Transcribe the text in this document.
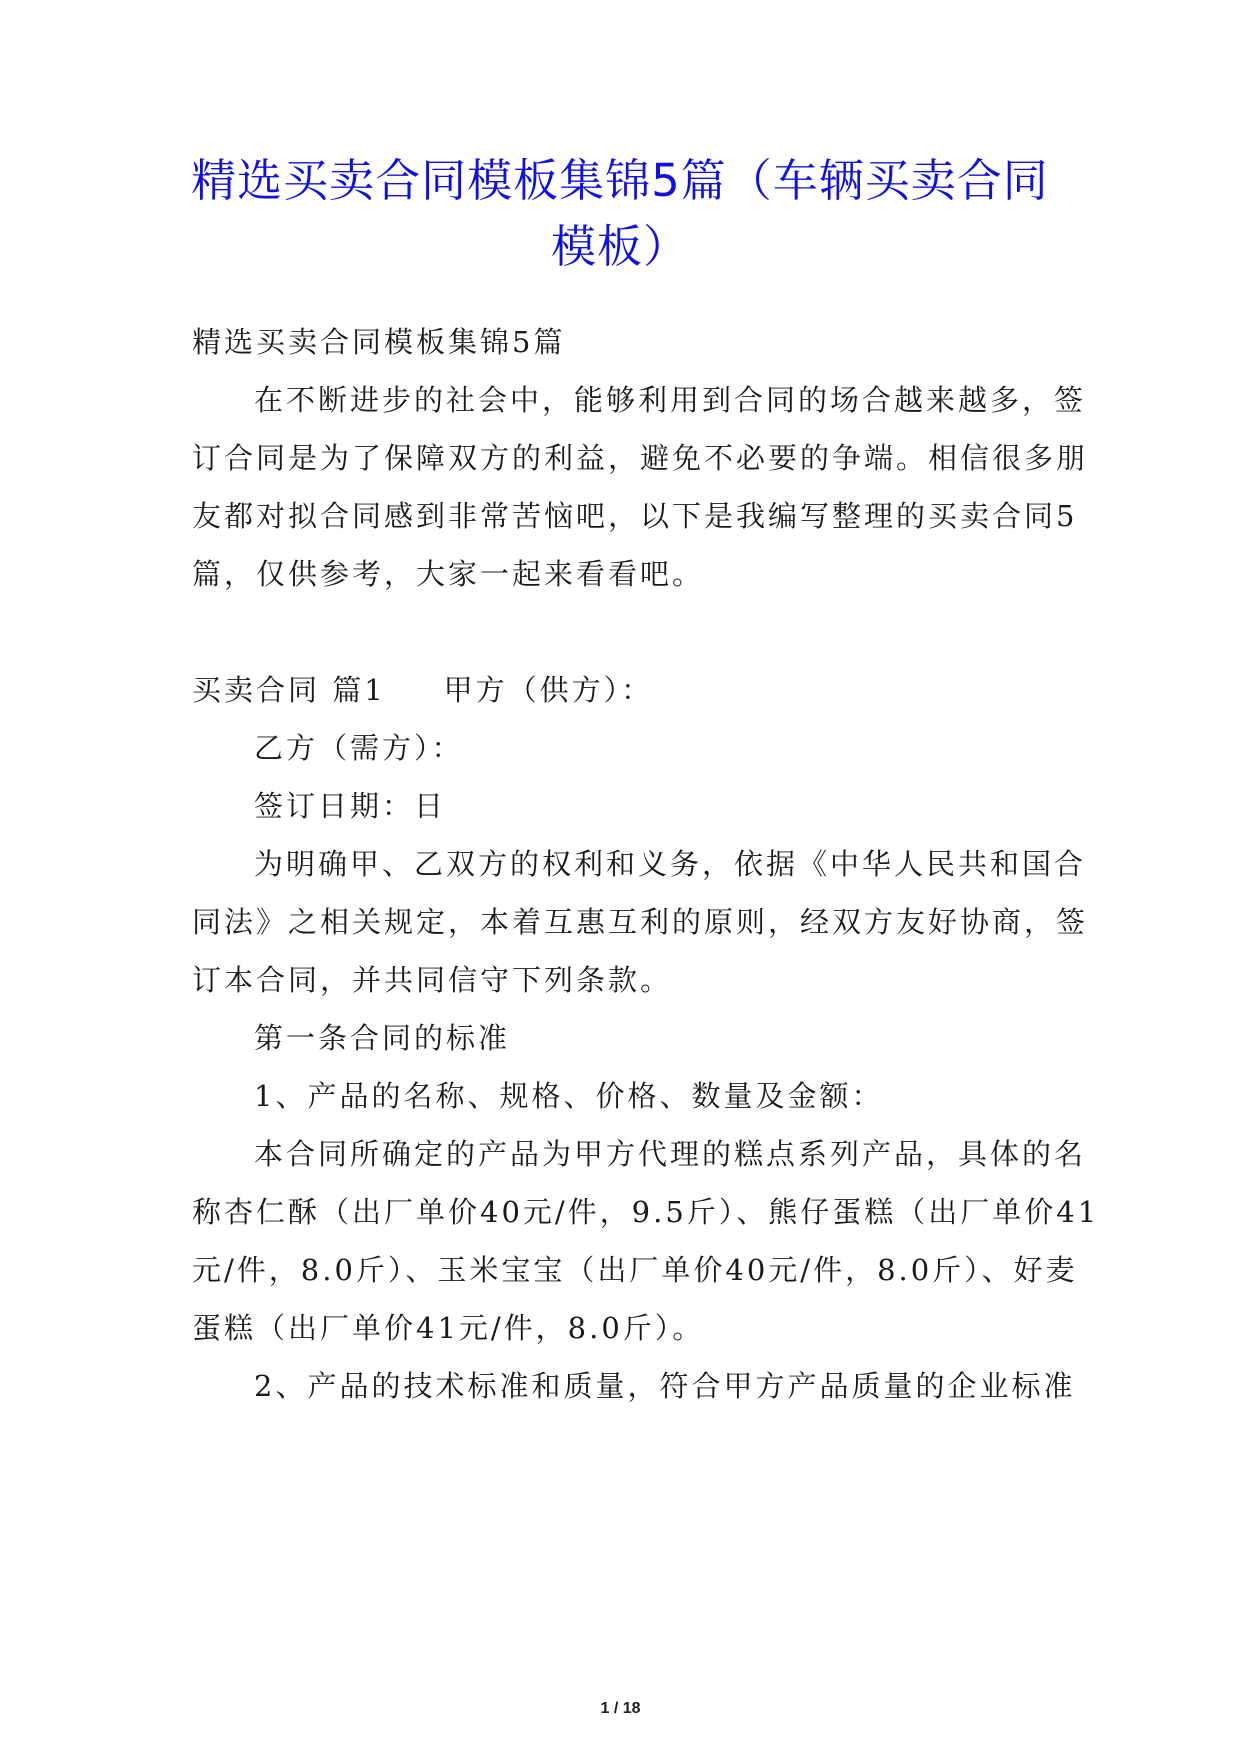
精选买卖合同模板集锦5篇（车辆买卖合同
模板）
精选买卖合同模板集锦5篇
在不断进步的社会中，能够利用到合同的场合越来越多，签
订合同是为了保障双方的利益，避免不必要的争端。相信很多朋
友都对拟合同感到非常苦恼吧，以下是我编写整理的买卖合同5
篇，仅供参考，大家一起来看看吧。
买卖合同 篇1 甲方（供方）：
乙方（需方）：
签订日期：日
为明确甲、乙双方的权利和义务，依据《中华人民共和国合
同法》之相关规定，本着互惠互利的原则，经双方友好协商，签
订本合同，并共同信守下列条款。
第一条合同的标准
1、产品的名称、规格、价格、数量及金额：
本合同所确定的产品为甲方代理的糕点系列产品，具体的名
称杏仁酥（出厂单价40元/件，9.5斤）、熊仔蛋糕（出厂单价41
元/件，8.0斤）、玉米宝宝（出厂单价40元/件，8.0斤）、好麦
蛋糕（出厂单价41元/件，8.0斤）。
2、产品的技术标准和质量，符合甲方产品质量的企业标准
1 / 18
